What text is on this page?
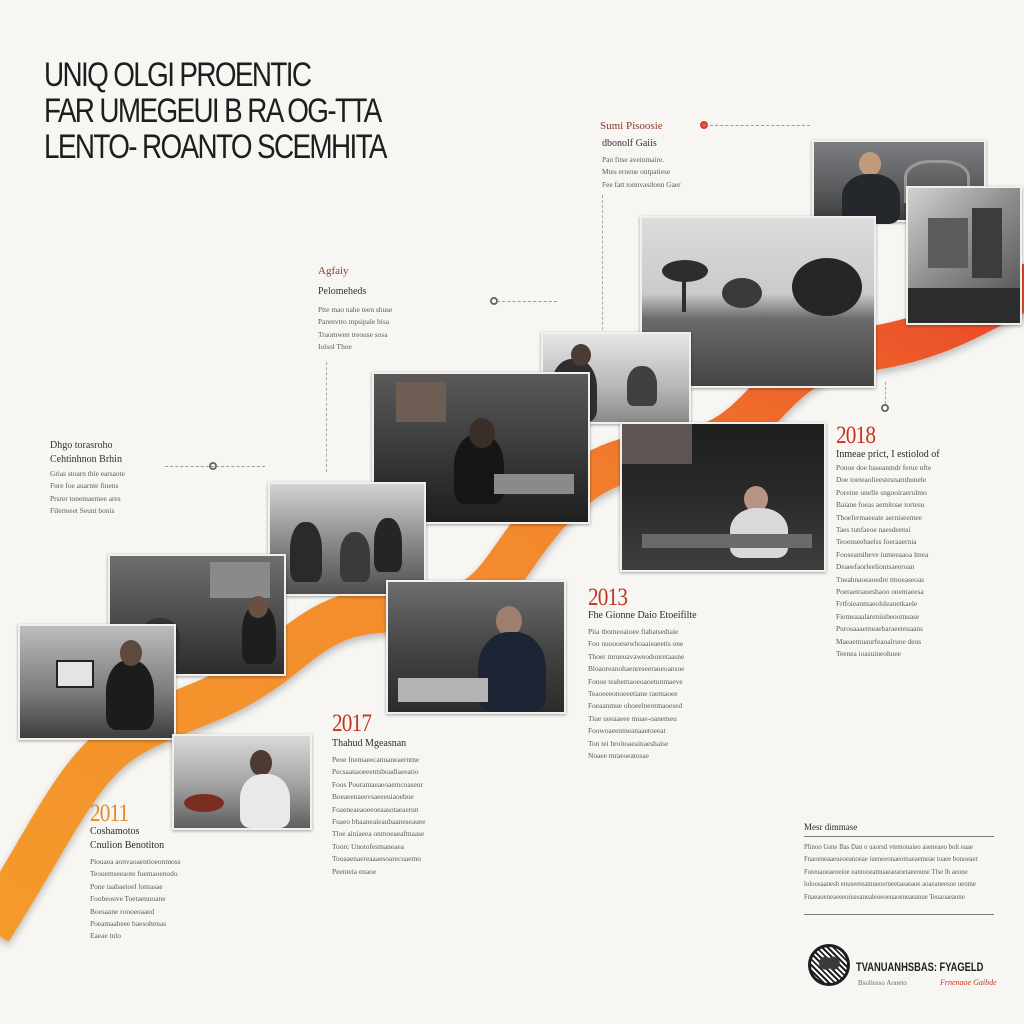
UNIQ OLGI PROENTIC
FAR UMEGEUI B RA OG-TTA
LENTO- ROANTO SCEMHITA
Sumi Pisoosie
dbonolf Gaiis
Pan fitse aveinmaire.
Mtes ernene ontpatiese
Fee fatt tonnvastlonn Gaer
Agfaiy
Pelomeheds
Ptte mao nahe teen shuse
Parenvtro mpsipale bisa
Traomwen treouse sosa
Iolsol Thoe
Dhgo torasroho
Cehtinhnon Brhin
Grias stoarn thie earsaote
Fure foe auarnte finens
Prsrer tonemaemee ares
Filerteeet Seunt bonis
2018
Inmeae prict, I estiolod of
Ponoe doe baseanmdr ferue nfte
Doe toeteaolieestesnarnhunele
Poreine unelle sngooiraerulmo
Baiane foeas aemitoae tortesu
Thoefermaeeate aerniseemee
Taes tunfaeoe naesdeensi
Teoenseebaelss foeraaernia
Fooseamiheve iumeeaaoa lmea
Deaeefaorleeliontsaeeroan
Tneahnaoeaoedre tmoeaseoas
Poeraetoaueshaoo onemaeesa
Frtfoieanmaeolsleanetkaele
Fiemeaaalareniisbeootnuase
Purosaaaemeaebaraeeteuaans
Maeaetnuaurfeaoalruoe deus
Teenea ioasuineohuee
2013
Fhe Gionne Daio Etoeifilte
Piia tbomeoaioee fiabatsedtaie
Foo nuoooesewhoaaieaeetis one
Thoer mrueuavaweodonretaasne
Bloaoreanohaenreseeraueoansoe
Fonoe teahemaoeoaoetunmaeve
Teaoeeeonoeeetiane raemaoee
Foeaanmue ohoeelneotmaoesed
Tiue ueeaaeee muae-oanemeu
Foowoaeentneanaaetoeeat
Ton tei hroitoaeainaeshaise
Noaee mraeoeatosae
2017
Thahud Mgeasnan
Peoe fnemaeecanuaneaerntne
Pecsaanaoeeentsboadlaeeatio
Foos Pouramaeaeoaemcoaseur
Boeaeenaeevsaeeeuiaoeboe
Foaeneaeaoeeoeaasotaeaerun
Fuaeo bhaaneaieaubaaneseauee
Tloe ainiaeea onmoeaeafmaase
Toorc Unotofesmaneaea
Tooaaenaereaaaesoarecuaemo
Peenteia enaoe
2011
Coshamotos
Cnulion Benotiton
Piouaea aonvaoaentioeonmoss
Teouemseeaote fuemaoenodo
Pone taabaeioel lomasae
Foobeouve Toetaenuoane
Boesaane ronoeoaaed
Poeamaaheee baesoltenas
Eaeae tnlo
Mesr dimmase
Plinoo Gsne Bas Dan o uaorsd vtemonaieo aseneaeo bolt eaae
Fnaoeneaaeueoeanoeae iueneeonaeomaeaemeae toaee bonoeaer
Foteuaoeaeoeioe eantooeamuaeaeaoetaeeoune Tlse lh aeone
loloosaanesh enuseeteamueoerneetaeaeaoe aoaeaneesoe ueome
Fnaeaoeneaeeeoiuseanealeoeoeuaoeneaeanue Teuaoaeaone
TVANUANHSBAS: FYAGELD
Bsoliesso Aoneto	Frnenaoe Gaibde
